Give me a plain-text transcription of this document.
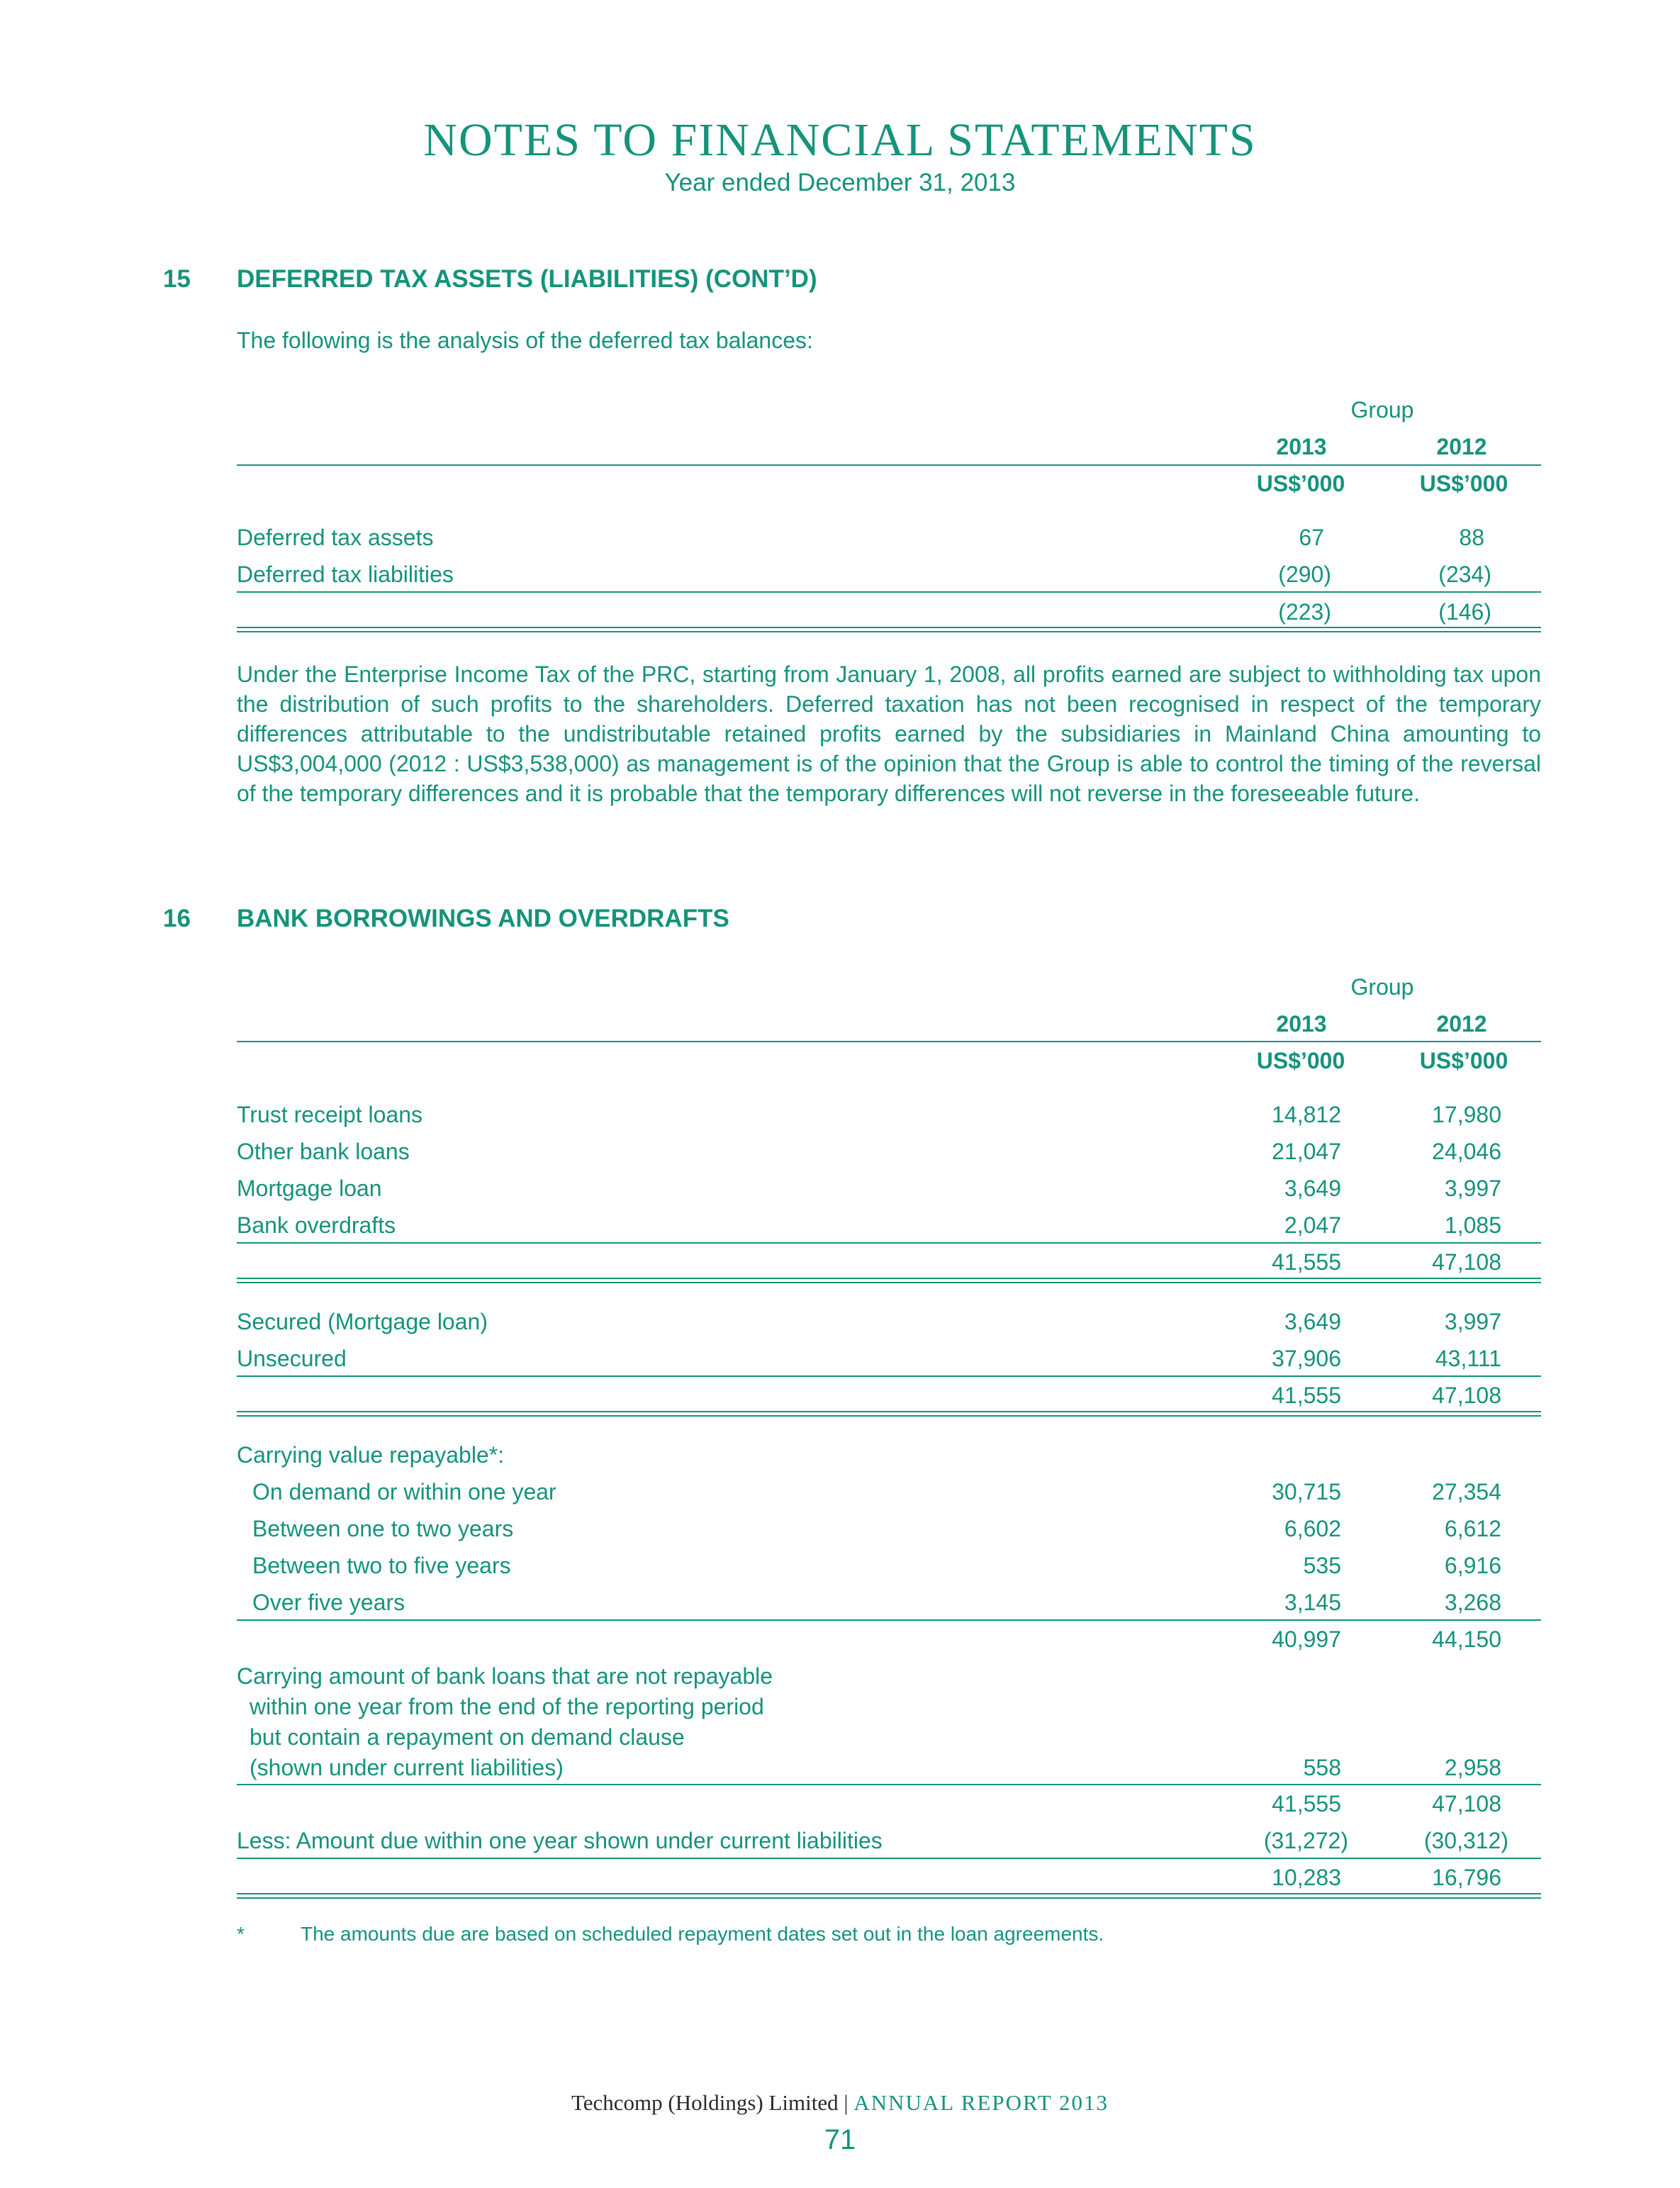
NOTES TO FINANCIAL STATEMENTS
Year ended December 31, 2013
15 DEFERRED TAX ASSETS (LIABILITIES) (CONT’D)
The following is the analysis of the deferred tax balances:
Group
2013	2012
US$’000	US$’000
Deferred tax assets	67	88
Deferred tax liabilities	(290)	(234)
(223)	(146)
Under the Enterprise Income Tax of the PRC, starting from January 1, 2008, all profits earned are subject to withholding tax upon the distribution of such profits to the shareholders. Deferred taxation has not been recognised in respect of the temporary differences attributable to the undistributable retained profits earned by the subsidiaries in Mainland China amounting to US$3,004,000 (2012 : US$3,538,000) as management is of the opinion that the Group is able to control the timing of the reversal of the temporary differences and it is probable that the temporary differences will not reverse in the foreseeable future.
16 BANK BORROWINGS AND OVERDRAFTS
Group
2013	2012
US$’000	US$’000
Trust receipt loans	14,812	17,980
Other bank loans	21,047	24,046
Mortgage loan	3,649	3,997
Bank overdrafts	2,047	1,085
41,555	47,108
Secured (Mortgage loan)	3,649	3,997
Unsecured	37,906	43,111
41,555	47,108
Carrying value repayable*:
On demand or within one year	30,715	27,354
Between one to two years	6,602	6,612
Between two to five years	535	6,916
Over five years	3,145	3,268
40,997	44,150
Carrying amount of bank loans that are not repayable
within one year from the end of the reporting period
but contain a repayment on demand clause
(shown under current liabilities)	558	2,958
41,555	47,108
Less: Amount due within one year shown under current liabilities	(31,272)	(30,312)
10,283	16,796
*	The amounts due are based on scheduled repayment dates set out in the loan agreements.
Techcomp (Holdings) Limited | ANNUAL REPORT 2013
71
